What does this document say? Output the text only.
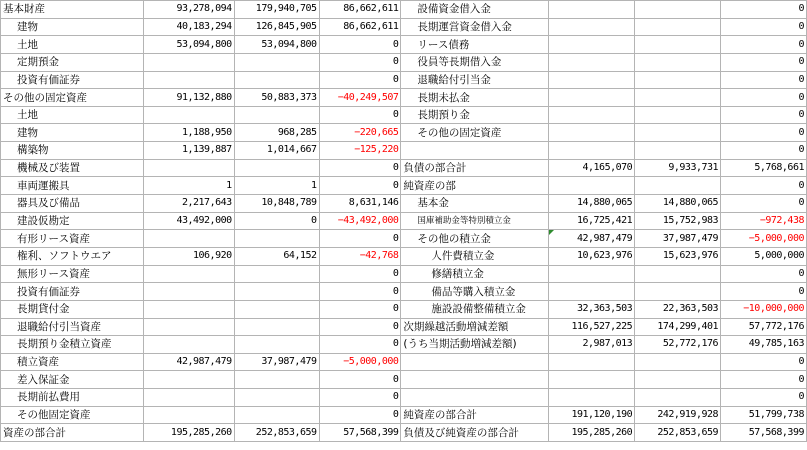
基本財産	93,278,094	179,940,705	86,662,611	設備資金借入金			0
建物	40,183,294	126,845,905	86,662,611	長期運営資金借入金			0
土地	53,094,800	53,094,800	0	リース債務			0
定期預金			0	役員等長期借入金			0
投資有価証券			0	退職給付引当金			0
その他の固定資産	91,132,880	50,883,373	−40,249,507	長期未払金			0
土地			0	長期預り金			0
建物	1,188,950	968,285	−220,665	その他の固定資産			0
構築物	1,139,887	1,014,667	−125,220				0
機械及び装置			0	負債の部合計	4,165,070	9,933,731	5,768,661
車両運搬具	1	1	0	純資産の部			0
器具及び備品	2,217,643	10,848,789	8,631,146	基本金	14,880,065	14,880,065	0
建設仮勘定	43,492,000	0	−43,492,000	国庫補助金等特別積立金	16,725,421	15,752,983	−972,438
有形リース資産			0	その他の積立金	42,987,479	37,987,479	−5,000,000
権利、ソフトウエア	106,920	64,152	−42,768	人件費積立金	10,623,976	15,623,976	5,000,000
無形リース資産			0	修繕積立金			0
投資有価証券			0	備品等購入積立金			0
長期貸付金			0	施設設備整備積立金	32,363,503	22,363,503	−10,000,000
退職給付引当資産			0	次期繰越活動増減差額	116,527,225	174,299,401	57,772,176
長期預り金積立資産			0	(うち当期活動増減差額)	2,987,013	52,772,176	49,785,163
積立資産	42,987,479	37,987,479	−5,000,000				0
差入保証金			0				0
長期前払費用			0				0
その他固定資産			0	純資産の部合計	191,120,190	242,919,928	51,799,738
資産の部合計	195,285,260	252,853,659	57,568,399	負債及び純資産の部合計	195,285,260	252,853,659	57,568,399
